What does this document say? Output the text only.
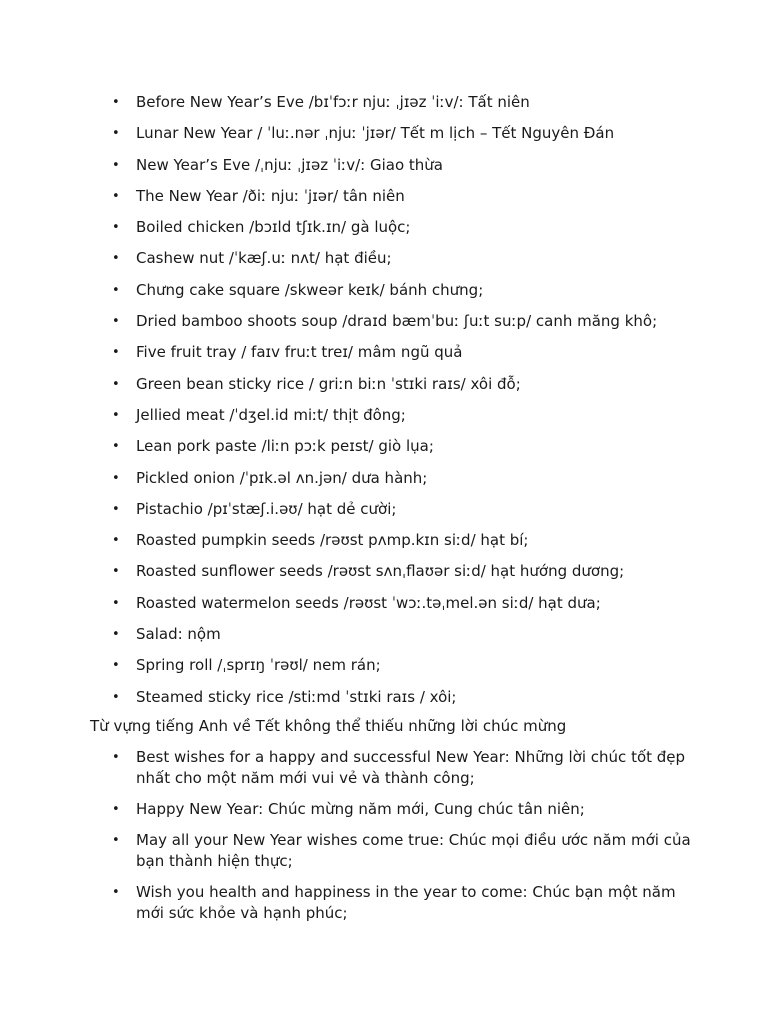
• Before New Year’s Eve /bɪˈfɔːr njuː ˌjɪəz ˈiːv/: Tất niên
• Lunar New Year / ˈluː.nər ˌnjuː ˈjɪər/ Tết m lịch – Tết Nguyên Đán
• New Year’s Eve /ˌnjuː ˌjɪəz ˈiːv/: Giao thừa
• The New Year /ðiː njuː ˈjɪər/ tân niên
• Boiled chicken /bɔɪld tʃɪk.ɪn/ gà luộc;
• Cashew nut /ˈkæʃ.uː nʌt/ hạt điều;
• Chưng cake square /skweər keɪk/ bánh chưng;
• Dried bamboo shoots soup /draɪd bæmˈbuː ʃuːt suːp/ canh măng khô;
• Five fruit tray / faɪv fruːt treɪ/ mâm ngũ quả
• Green bean sticky rice / griːn biːn ˈstɪki raɪs/ xôi đỗ;
• Jellied meat /ˈdʒel.id miːt/ thịt đông;
• Lean pork paste /liːn pɔːk peɪst/ giò lụa;
• Pickled onion /ˈpɪk.əl ʌn.jən/ dưa hành;
• Pistachio /pɪˈstæʃ.i.əʊ/ hạt dẻ cười;
• Roasted pumpkin seeds /rəʊst pʌmp.kɪn siːd/ hạt bí;
• Roasted sunflower seeds /rəʊst sʌnˌflaʊər siːd/ hạt hướng dương;
• Roasted watermelon seeds /rəʊst ˈwɔː.təˌmel.ən siːd/ hạt dưa;
• Salad: nộm
• Spring roll /ˌsprɪŋ ˈrəʊl/ nem rán;
• Steamed sticky rice /stiːmd ˈstɪki raɪs / xôi;
Từ vựng tiếng Anh về Tết không thể thiếu những lời chúc mừng
• Best wishes for a happy and successful New Year: Những lời chúc tốt đẹp nhất cho một năm mới vui vẻ và thành công;
• Happy New Year: Chúc mừng năm mới, Cung chúc tân niên;
• May all your New Year wishes come true: Chúc mọi điều ước năm mới của bạn thành hiện thực;
• Wish you health and happiness in the year to come: Chúc bạn một năm mới sức khỏe và hạnh phúc;
